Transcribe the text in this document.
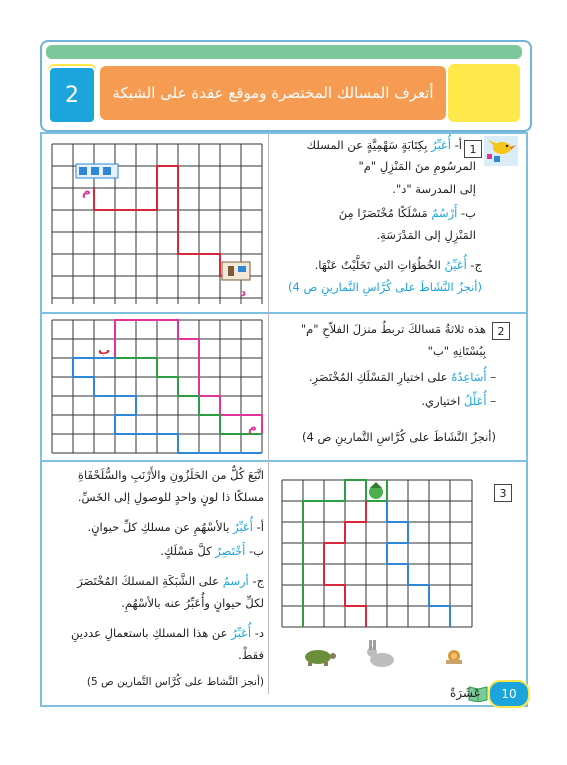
2	أتعرف المسالك المختصرة وموقع عقدة على الشبكة
1
أ- أُعَبِّرُ بِكِتَابَةٍ سَهْمِيَّةٍ عن المسلك
المرسُومِ منَ المَنْزِلِ "م"
إلى المدرسة "د".
ب- أَرْسُمُ مَسْلَكًا مُخْتَصَرًا مِنَ
المَنْزِلِ إلى المَدْرَسَةِ.
ج- أُعَيِّنُ الخُطُوَاتِ التي تَخَلَّيْتُ عَنْهَا.
(أنجزُ النَّشَاطَ على كُرَّاسِ التَّمارينِ ص 4)
م
د
2
هذه ثلاثةُ مَسالكَ تربطُ منزلَ الفلاّحِ "م"
بِبُسْتَانِهِ "ب"
– أُسَاعِدُهُ على اختيارِ المَسْلَكِ المُخْتَصَرِ.
– أُعَلِّلُ اختياري.
(أنجزُ النَّشَاطَ على كُرَّاسِ التَّمارينِ ص 4)
ب
م
3
اتَّبَعَ كُلٌّ من الحَلَزُونِ والأَرْنَبِ والسُّلَحْفَاةِ
مسلكًا ذا لونٍ واحدٍ للوصولِ إلى الخَسِّ.
أ- أُعَبِّرُ بالأسْهُمِ عن مسلكِ كلِّ حيوانٍ.
ب- أَخْتَصِرُ كلَّ مَسْلَكٍ.
ج- أرسمُ على الشَّبَكَةِ المسلكَ المُخْتَصَرَ
لكلِّ حيوانٍ وأُعَبِّرُ عنه بالأسْهُمِ.
د- أُعَبِّرُ عن هذا المسلكِ باستعمالِ عددينِ
فقطْ.
(أنجز النَّشاط على كُرَّاس التَّمارين ص 5)
10
عَشَرَةٌ
